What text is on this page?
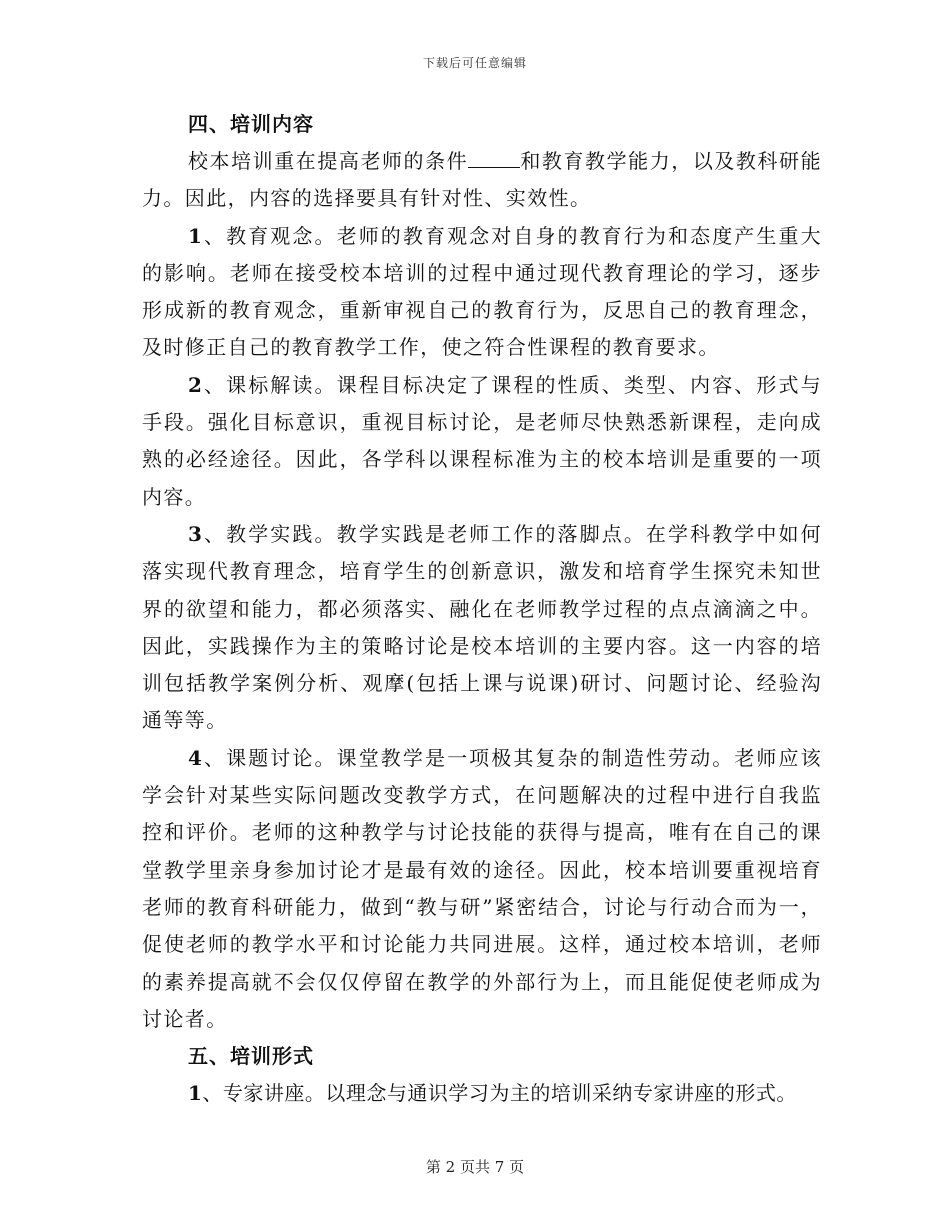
下载后可任意编辑
四、培训内容

校本培训重在提高老师的条件	和教育教学能力，以及教科研能力。因此，内容的选择要具有针对性、实效性。

1、教育观念。老师的教育观念对自身的教育行为和态度产生重大的影响。老师在接受校本培训的过程中通过现代教育理论的学习，逐步形成新的教育观念，重新审视自己的教育行为，反思自己的教育理念，及时修正自己的教育教学工作，使之符合性课程的教育要求。

2、课标解读。课程目标决定了课程的性质、类型、内容、形式与手段。强化目标意识，重视目标讨论，是老师尽快熟悉新课程，走向成熟的必经途径。因此，各学科以课程标准为主的校本培训是重要的一项内容。

3、教学实践。教学实践是老师工作的落脚点。在学科教学中如何落实现代教育理念，培育学生的创新意识，激发和培育学生探究未知世界的欲望和能力，都必须落实、融化在老师教学过程的点点滴滴之中。因此，实践操作为主的策略讨论是校本培训的主要内容。这一内容的培训包括教学案例分析、观摩(包括上课与说课)研讨、问题讨论、经验沟通等等。

4、课题讨论。课堂教学是一项极其复杂的制造性劳动。老师应该学会针对某些实际问题改变教学方式，在问题解决的过程中进行自我监控和评价。老师的这种教学与讨论技能的获得与提高，唯有在自己的课堂教学里亲身参加讨论才是最有效的途径。因此，校本培训要重视培育老师的教育科研能力，做到“教与研”紧密结合，讨论与行动合而为一，促使老师的教学水平和讨论能力共同进展。这样，通过校本培训，老师的素养提高就不会仅仅停留在教学的外部行为上，而且能促使老师成为讨论者。

五、培训形式

1、专家讲座。以理念与通识学习为主的培训采纳专家讲座的形式。

第 2 页共 7 页
